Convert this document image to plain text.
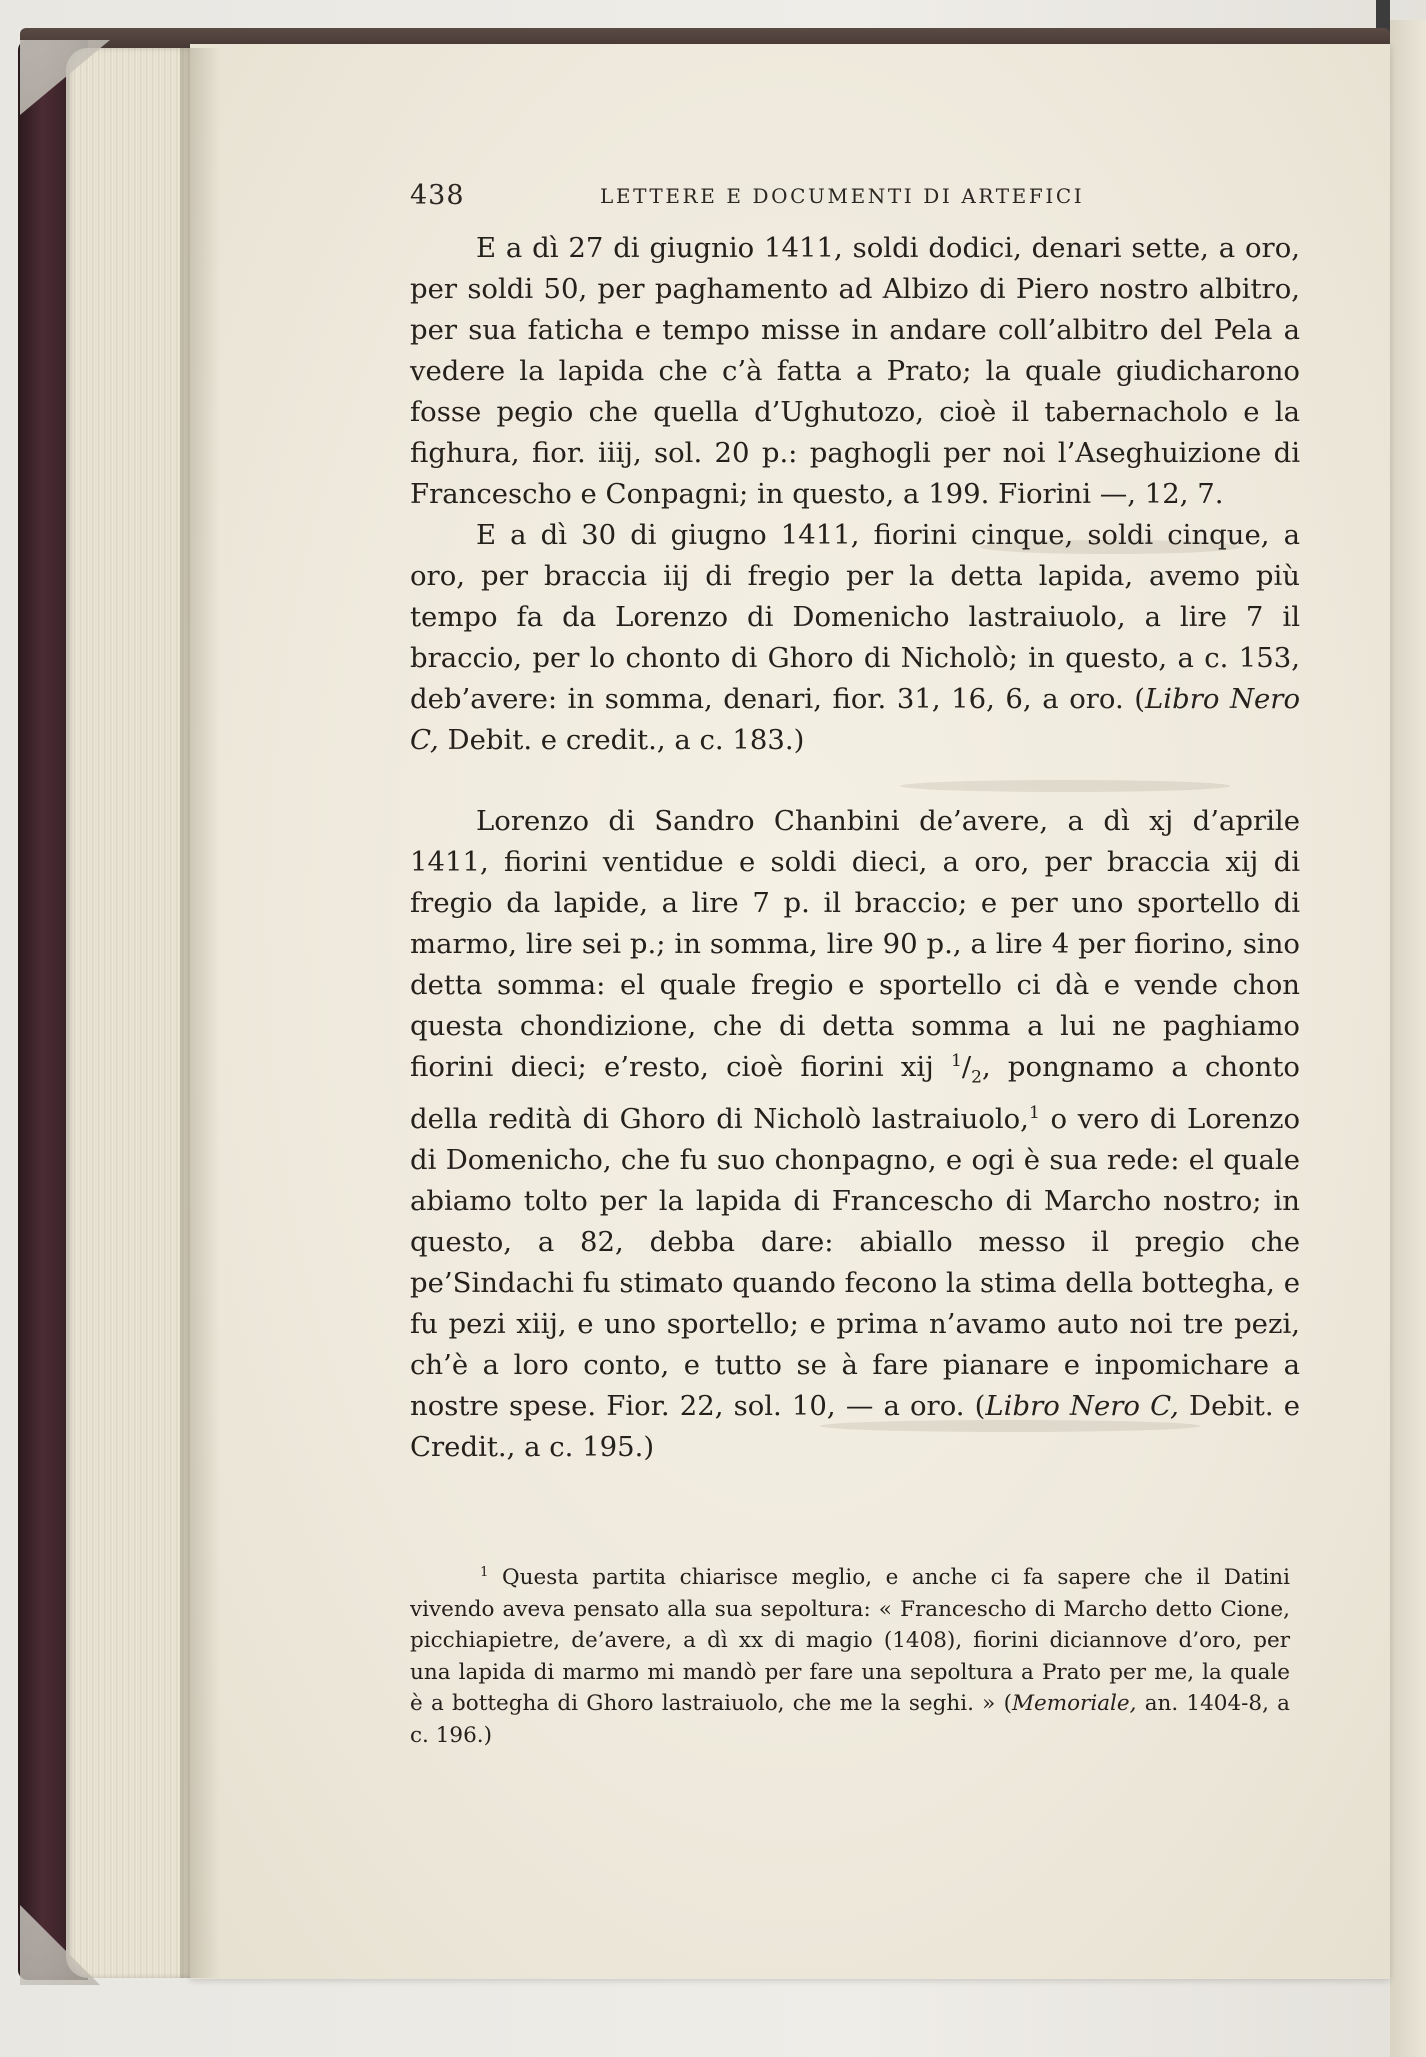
438	LETTERE E DOCUMENTI DI ARTEFICI

E a dì 27 di giugnio 1411, soldi dodici, denari sette, a oro, per soldi 50, per paghamento ad Albizo di Piero nostro albitro, per sua faticha e tempo misse in andare coll’albitro del Pela a vedere la lapida che c’à fatta a Prato; la quale giudicharono fosse pegio che quella d’Ughutozo, cioè il tabernacholo e la fighura, fior. iiij, sol. 20 p.: paghogli per noi l’Aseghuizione di Francescho e Conpagni; in questo, a 199. Fiorini —, 12, 7.

E a dì 30 di giugno 1411, fiorini cinque, soldi cinque, a oro, per braccia iij di fregio per la detta lapida, avemo più tempo fa da Lorenzo di Domenicho lastraiuolo, a lire 7 il braccio, per lo chonto di Ghoro di Nicholò; in questo, a c. 153, deb’avere: in somma, denari, fior. 31, 16, 6, a oro. (Libro Nero C, Debit. e credit., a c. 183.)

Lorenzo di Sandro Chanbini de’avere, a dì xj d’aprile 1411, fiorini ventidue e soldi dieci, a oro, per braccia xij di fregio da lapide, a lire 7 p. il braccio; e per uno sportello di marmo, lire sei p.; in somma, lire 90 p., a lire 4 per fiorino, sino detta somma: el quale fregio e sportello ci dà e vende chon questa chondizione, che di detta somma a lui ne paghiamo fiorini dieci; e’resto, cioè fiorini xij $^1/_2$, pongnamo a chonto della redità di Ghoro di Nicholò lastraiuolo,$^1$ o vero di Lorenzo di Domenicho, che fu suo chonpagno, e ogi è sua rede: el quale abiamo tolto per la lapida di Francescho di Marcho nostro; in questo, a 82, debba dare: abiallo messo il pregio che pe’Sindachi fu stimato quando fecono la stima della bottegha, e fu pezi xiij, e uno sportello; e prima n’avamo auto noi tre pezi, ch’è a loro conto, e tutto se à fare pianare e inpomichare a nostre spese. Fior. 22, sol. 10, — a oro. (Libro Nero C, Debit. e Credit., a c. 195.)

$^1$ Questa partita chiarisce meglio, e anche ci fa sapere che il Datini vivendo aveva pensato alla sua sepoltura: « Francescho di Marcho detto Cione, picchiapietre, de’avere, a dì xx di magio (1408), fiorini diciannove d’oro, per una lapida di marmo mi mandò per fare una sepoltura a Prato per me, la quale è a bottegha di Ghoro lastraiuolo, che me la seghi. » (Memoriale, an. 1404-8, a c. 196.)
